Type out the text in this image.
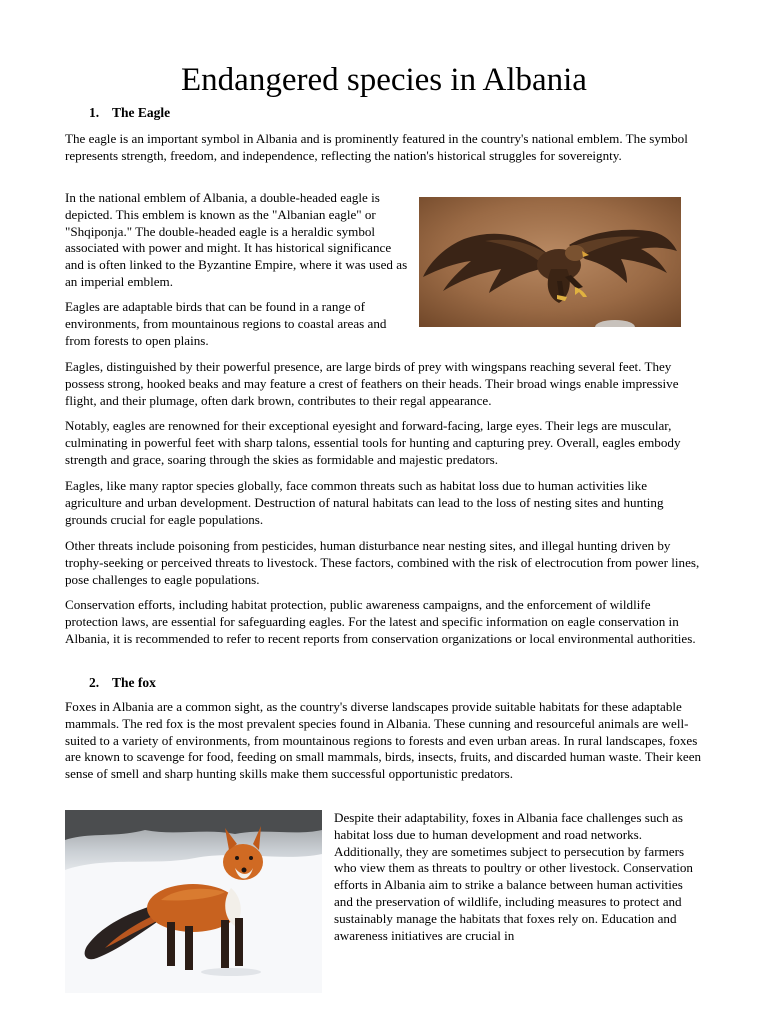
Endangered species in Albania
1. The Eagle

The eagle is an important symbol in Albania and is prominently featured in the country's national emblem. The symbol represents strength, freedom, and independence, reflecting the nation's historical struggles for sovereignty.

In the national emblem of Albania, a double-headed eagle is depicted. This emblem is known as the "Albanian eagle" or "Shqiponja." The double-headed eagle is a heraldic symbol associated with power and might. It has historical significance and is often linked to the Byzantine Empire, where it was used as an imperial emblem.

Eagles are adaptable birds that can be found in a range of environments, from mountainous regions to coastal areas and from forests to open plains.

Eagles, distinguished by their powerful presence, are large birds of prey with wingspans reaching several feet. They possess strong, hooked beaks and may feature a crest of feathers on their heads. Their broad wings enable impressive flight, and their plumage, often dark brown, contributes to their regal appearance.

Notably, eagles are renowned for their exceptional eyesight and forward-facing, large eyes. Their legs are muscular, culminating in powerful feet with sharp talons, essential tools for hunting and capturing prey. Overall, eagles embody strength and grace, soaring through the skies as formidable and majestic predators.

Eagles, like many raptor species globally, face common threats such as habitat loss due to human activities like agriculture and urban development. Destruction of natural habitats can lead to the loss of nesting sites and hunting grounds crucial for eagle populations.

Other threats include poisoning from pesticides, human disturbance near nesting sites, and illegal hunting driven by trophy-seeking or perceived threats to livestock. These factors, combined with the risk of electrocution from power lines, pose challenges to eagle populations.

Conservation efforts, including habitat protection, public awareness campaigns, and the enforcement of wildlife protection laws, are essential for safeguarding eagles. For the latest and specific information on eagle conservation in Albania, it is recommended to refer to recent reports from conservation organizations or local environmental authorities.

2. The fox

Foxes in Albania are a common sight, as the country's diverse landscapes provide suitable habitats for these adaptable mammals. The red fox is the most prevalent species found in Albania. These cunning and resourceful animals are well-suited to a variety of environments, from mountainous regions to forests and even urban areas. In rural landscapes, foxes are known to scavenge for food, feeding on small mammals, birds, insects, fruits, and discarded human waste. Their keen sense of smell and sharp hunting skills make them successful opportunistic predators.

Despite their adaptability, foxes in Albania face challenges such as habitat loss due to human development and road networks. Additionally, they are sometimes subject to persecution by farmers who view them as threats to poultry or other livestock. Conservation efforts in Albania aim to strike a balance between human activities and the preservation of wildlife, including measures to protect and sustainably manage the habitats that foxes rely on. Education and awareness initiatives are crucial in
